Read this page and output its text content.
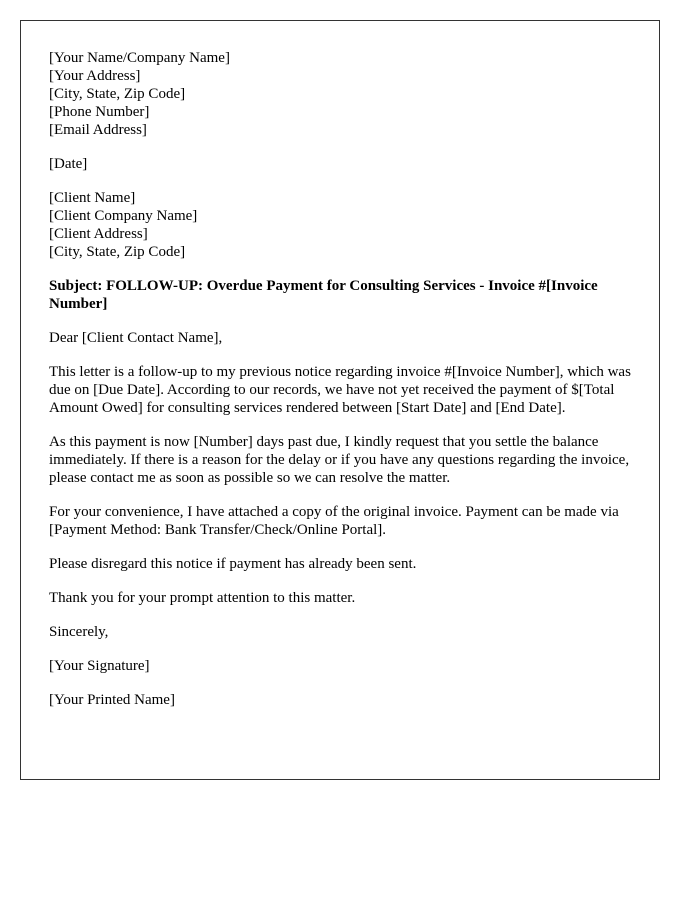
[Your Name/Company Name]
[Your Address]
[City, State, Zip Code]
[Phone Number]
[Email Address]
[Date]
[Client Name]
[Client Company Name]
[Client Address]
[City, State, Zip Code]
Subject: FOLLOW-UP: Overdue Payment for Consulting Services - Invoice #[Invoice Number]

Dear [Client Contact Name],

This letter is a follow-up to my previous notice regarding invoice #[Invoice Number], which was due on [Due Date]. According to our records, we have not yet received the payment of $[Total Amount Owed] for consulting services rendered between [Start Date] and [End Date].

As this payment is now [Number] days past due, I kindly request that you settle the balance immediately. If there is a reason for the delay or if you have any questions regarding the invoice, please contact me as soon as possible so we can resolve the matter.

For your convenience, I have attached a copy of the original invoice. Payment can be made via [Payment Method: Bank Transfer/Check/Online Portal].

Please disregard this notice if payment has already been sent.

Thank you for your prompt attention to this matter.

Sincerely,

[Your Signature]

[Your Printed Name]
